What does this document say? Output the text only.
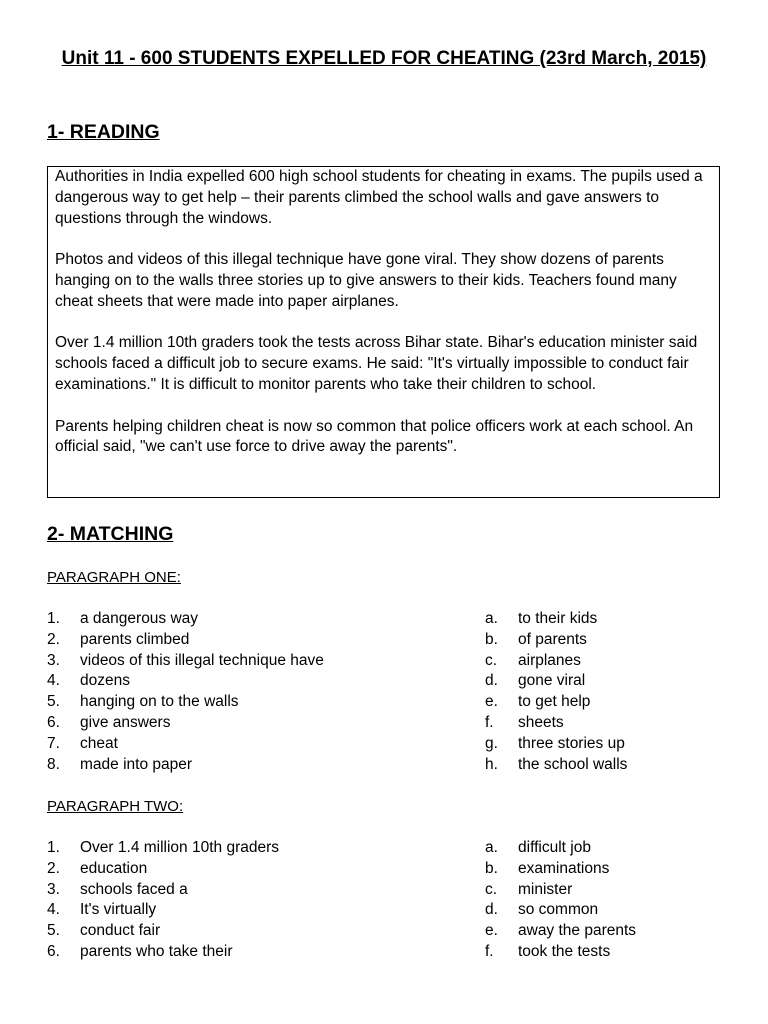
Unit 11 - 600 STUDENTS EXPELLED FOR CHEATING (23rd March, 2015)
1- READING

Authorities in India expelled 600 high school students for cheating in exams. The pupils used a dangerous way to get help – their parents climbed the school walls and gave answers to questions through the windows.

Photos and videos of this illegal technique have gone viral. They show dozens of parents hanging on to the walls three stories up to give answers to their kids. Teachers found many cheat sheets that were made into paper airplanes.

Over 1.4 million 10th graders took the tests across Bihar state. Bihar's education minister said schools faced a difficult job to secure exams. He said: "It's virtually impossible to conduct fair examinations." It is difficult to monitor parents who take their children to school.

Parents helping children cheat is now so common that police officers work at each school. An official said, "we can't use force to drive away the parents".

2- MATCHING
PARAGRAPH ONE:
1.	a dangerous way
2.	parents climbed
3.	videos of this illegal technique have
4.	dozens
5.	hanging on to the walls
6.	give answers
7.	cheat
8.	made into paper
a.	to their kids
b.	of parents
c.	airplanes
d.	gone viral
e.	to get help
f.	sheets
g.	three stories up
h.	the school walls
PARAGRAPH TWO:
1.	Over 1.4 million 10th graders
2.	education
3.	schools faced a
4.	It's virtually
5.	conduct fair
6.	parents who take their
a.	difficult job
b.	examinations
c.	minister
d.	so common
e.	away the parents
f.	took the tests
